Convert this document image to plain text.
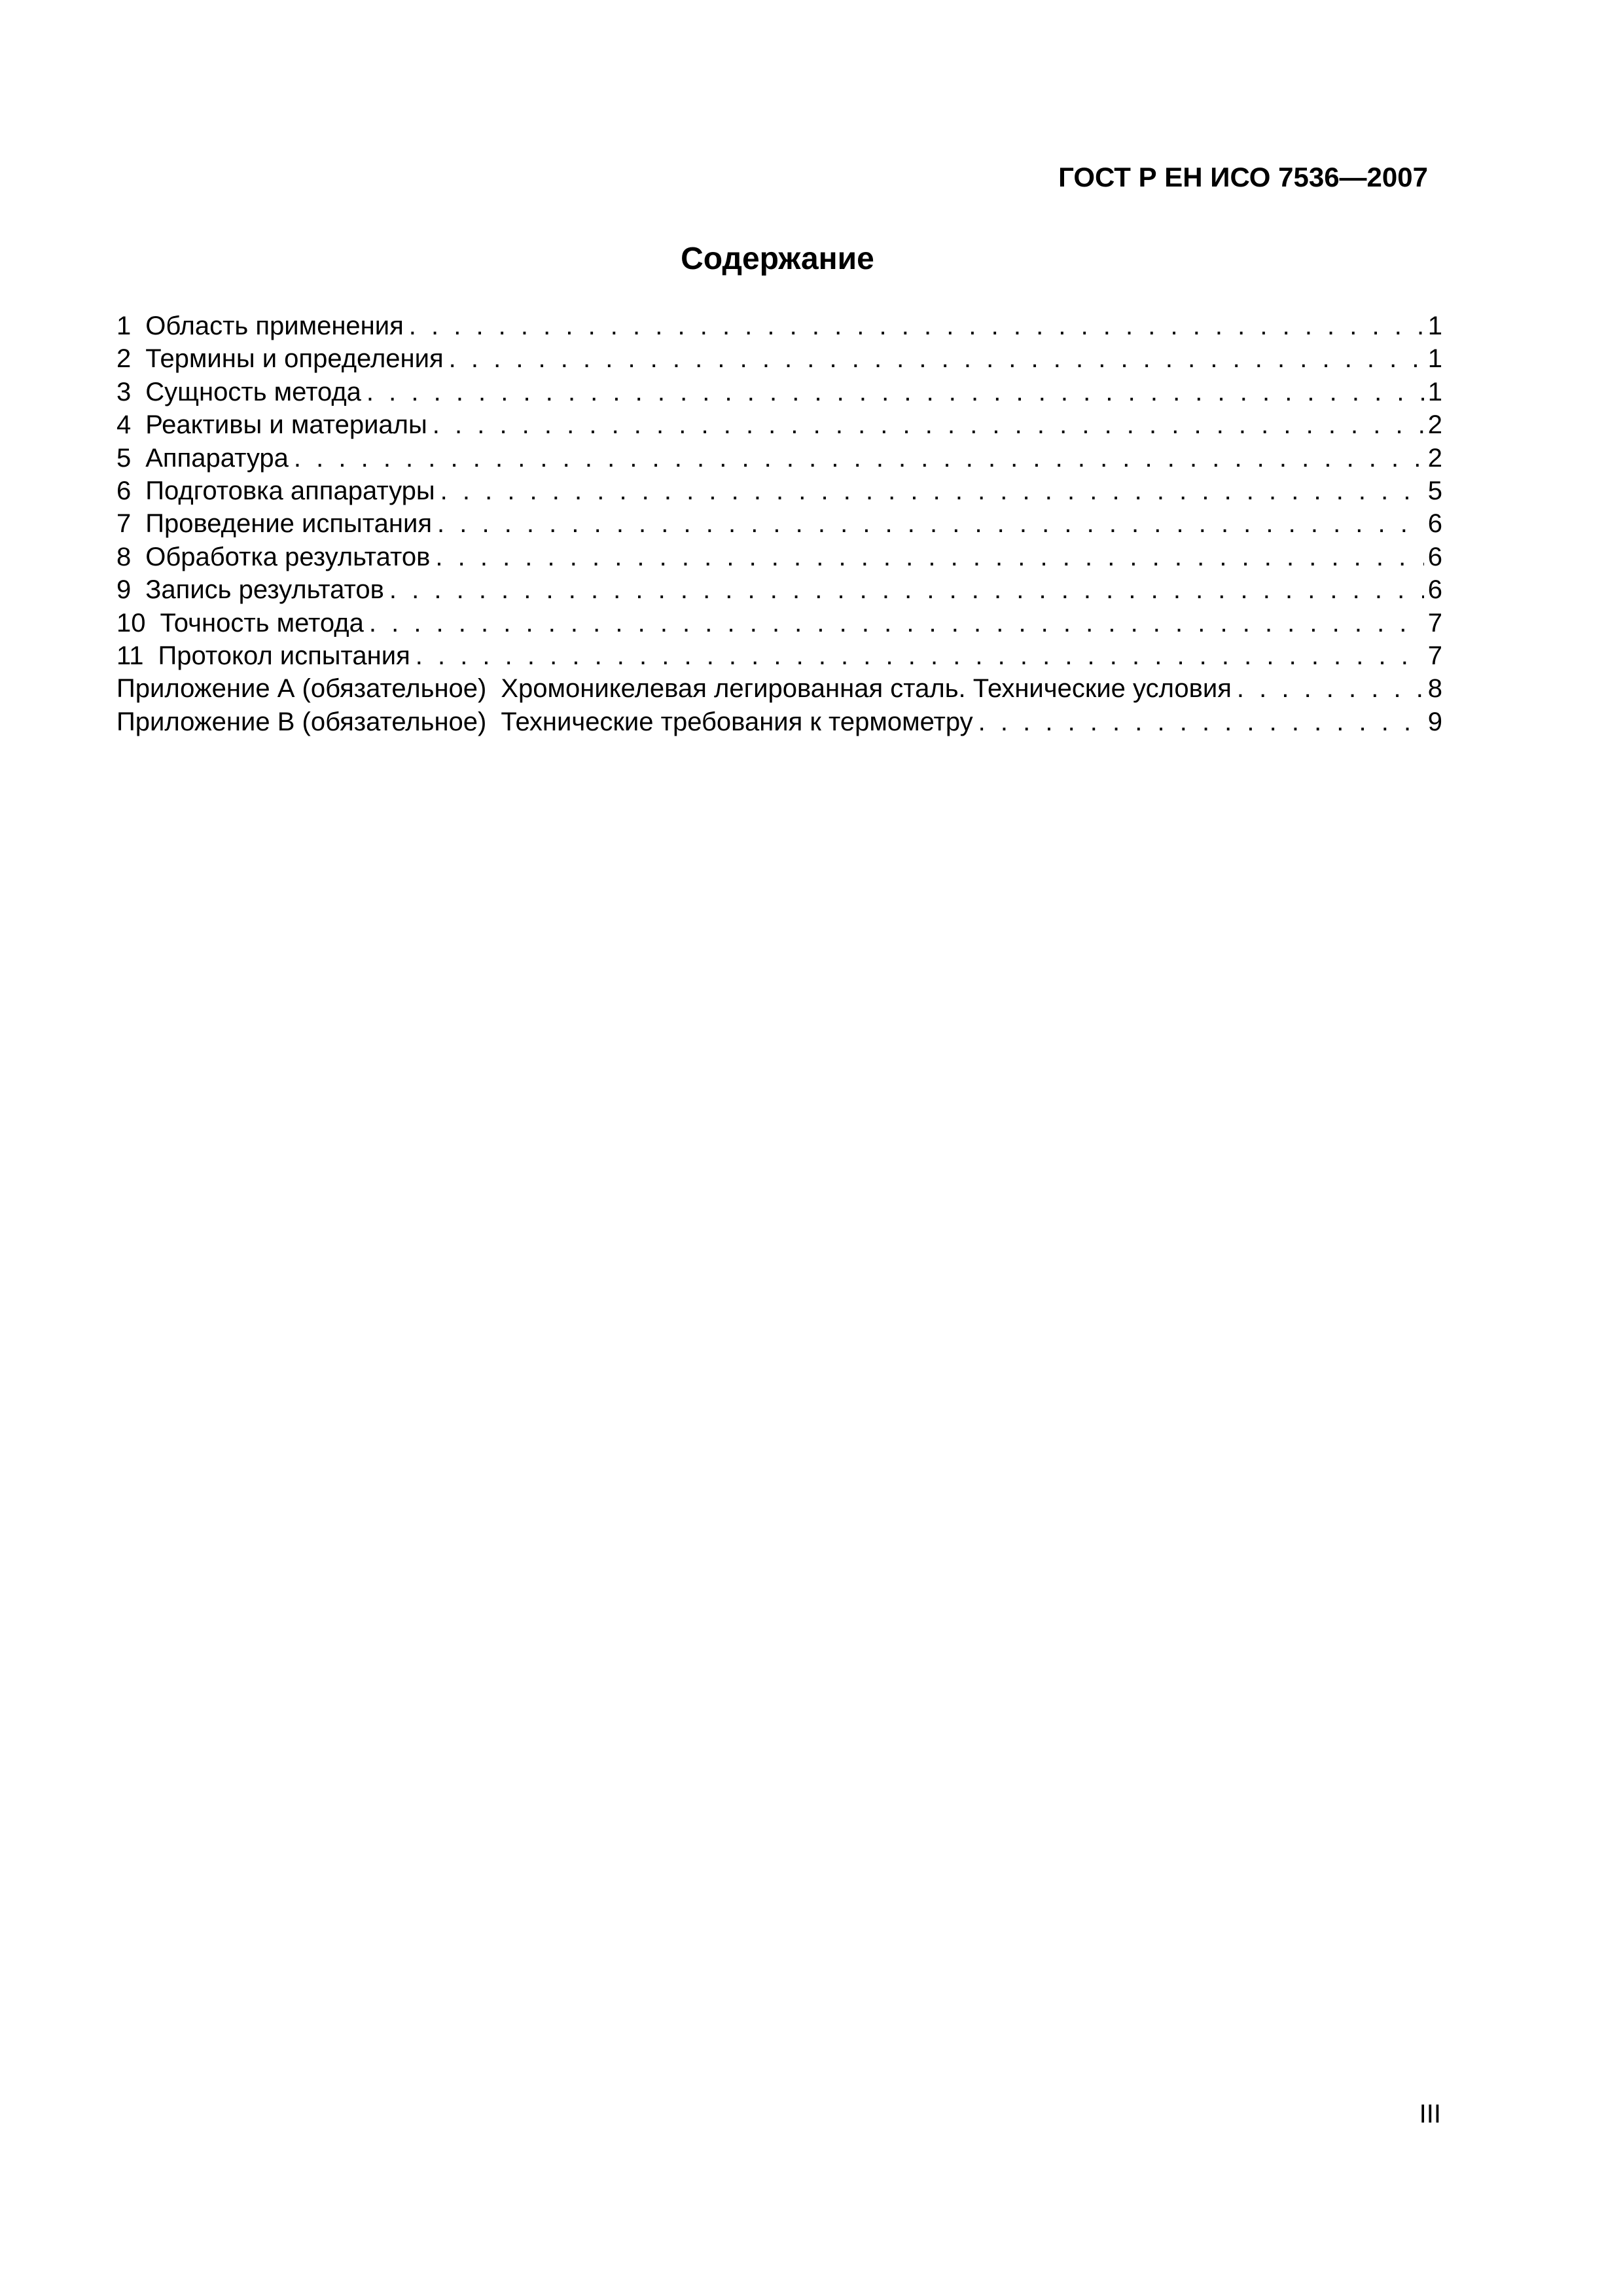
ГОСТ Р ЕН ИСО 7536—2007
Содержание
1 Область применения . . .	1
2 Термины и определения . . .	1
3 Сущность метода . . .	1
4 Реактивы и материалы . . .	2
5 Аппаратура . . .	2
6 Подготовка аппаратуры . . .	5
7 Проведение испытания . . .	6
8 Обработка результатов . . .	6
9 Запись результатов . . .	6
10 Точность метода . . .	7
11 Протокол испытания . . .	7
Приложение А (обязательное) Хромоникелевая легированная сталь. Технические условия . . .	8
Приложение В (обязательное) Технические требования к термометру . . .	9
III
